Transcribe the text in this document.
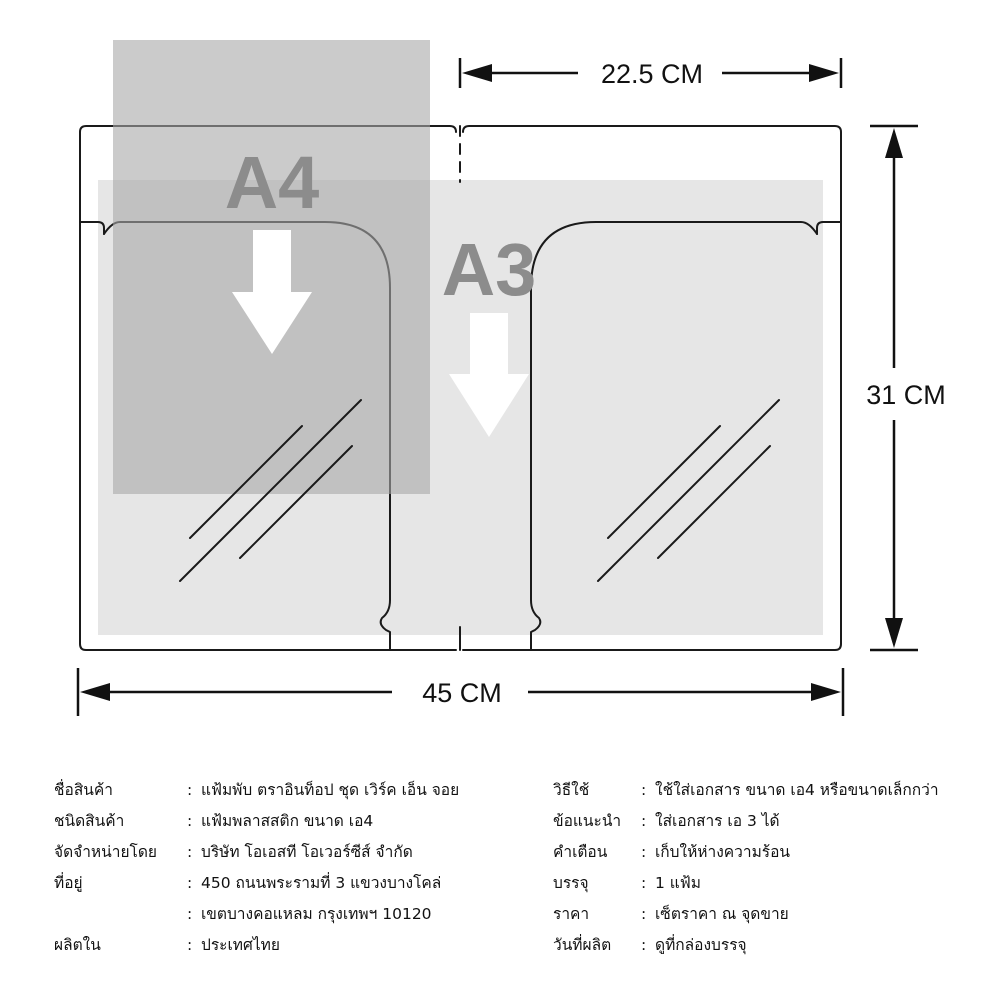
A4
A3
22.5 CM
45 CM
31 CM
ชื่อสินค้า	: แฟ้มพับ ตราอินท็อป ชุด เวิร์ค เอ็น จอย
ชนิดสินค้า	: แฟ้มพลาสสติก ขนาด เอ4
จัดจำหน่ายโดย	: บริษัท โอเอสที โอเวอร์ซีส์ จำกัด
ที่อยู่	: 450 ถนนพระรามที่ 3 แขวงบางโคล่
: เขตบางคอแหลม กรุงเทพฯ 10120
ผลิตใน	: ประเทศไทย
วิธีใช้	: ใช้ใส่เอกสาร ขนาด เอ4 หรือขนาดเล็กกว่า
ข้อแนะนำ	: ใส่เอกสาร เอ 3 ได้
คำเตือน	: เก็บให้ห่างความร้อน
บรรจุ	: 1 แฟ้ม
ราคา	: เซ็ตราคา ณ จุดขาย
วันที่ผลิต	: ดูที่กล่องบรรจุ
